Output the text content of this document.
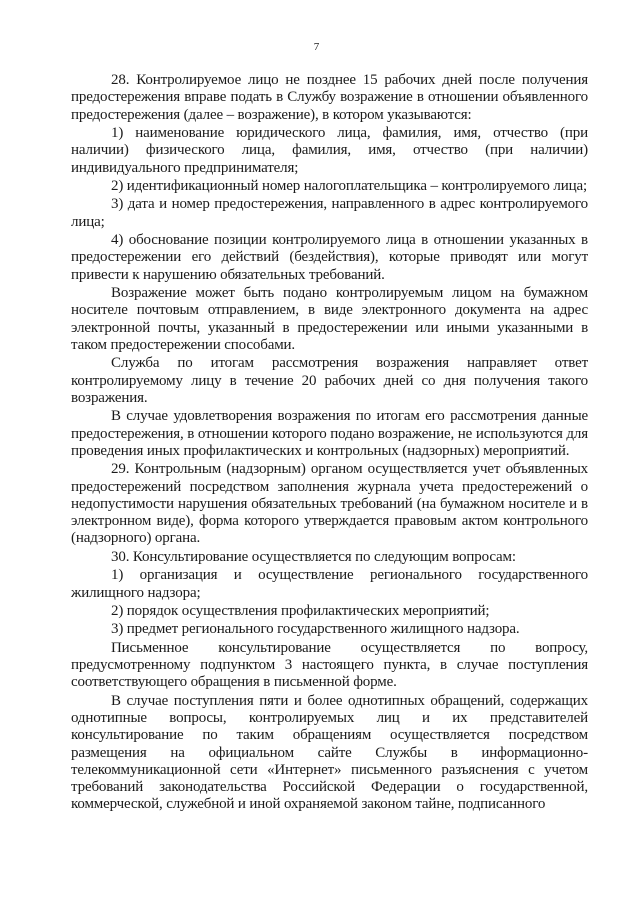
7

28. Контролируемое лицо не позднее 15 рабочих дней после получения предостережения вправе подать в Службу возражение в отношении объявленного предостережения (далее – возражение), в котором указываются:

1) наименование юридического лица, фамилия, имя, отчество (при наличии) физического лица, фамилия, имя, отчество (при наличии) индивидуального предпринимателя;

2) идентификационный номер налогоплательщика – контролируемого лица;

3) дата и номер предостережения, направленного в адрес контролируемого лица;

4) обоснование позиции контролируемого лица в отношении указанных в предостережении его действий (бездействия), которые приводят или могут привести к нарушению обязательных требований.

Возражение может быть подано контролируемым лицом на бумажном носителе почтовым отправлением, в виде электронного документа на адрес электронной почты, указанный в предостережении или иными указанными в таком предостережении способами.

Служба по итогам рассмотрения возражения направляет ответ контролируемому лицу в течение 20 рабочих дней со дня получения такого возражения.

В случае удовлетворения возражения по итогам его рассмотрения данные предостережения, в отношении которого подано возражение, не используются для проведения иных профилактических и контрольных (надзорных) мероприятий.

29. Контрольным (надзорным) органом осуществляется учет объявленных предостережений посредством заполнения журнала учета предостережений о недопустимости нарушения обязательных требований (на бумажном носителе и в электронном виде), форма которого утверждается правовым актом контрольного (надзорного) органа.

30. Консультирование осуществляется по следующим вопросам:

1) организация и осуществление регионального государственного жилищного надзора;

2) порядок осуществления профилактических мероприятий;

3) предмет регионального государственного жилищного надзора.

Письменное консультирование осуществляется по вопросу, предусмотренному подпунктом 3 настоящего пункта, в случае поступления соответствующего обращения в письменной форме.

В случае поступления пяти и более однотипных обращений, содержащих однотипные вопросы, контролируемых лиц и их представителей консультирование по таким обращениям осуществляется посредством размещения на официальном сайте Службы в информационно-телекоммуникационной сети «Интернет» письменного разъяснения с учетом требований законодательства Российской Федерации о государственной, коммерческой, служебной и иной охраняемой законом тайне, подписанного
